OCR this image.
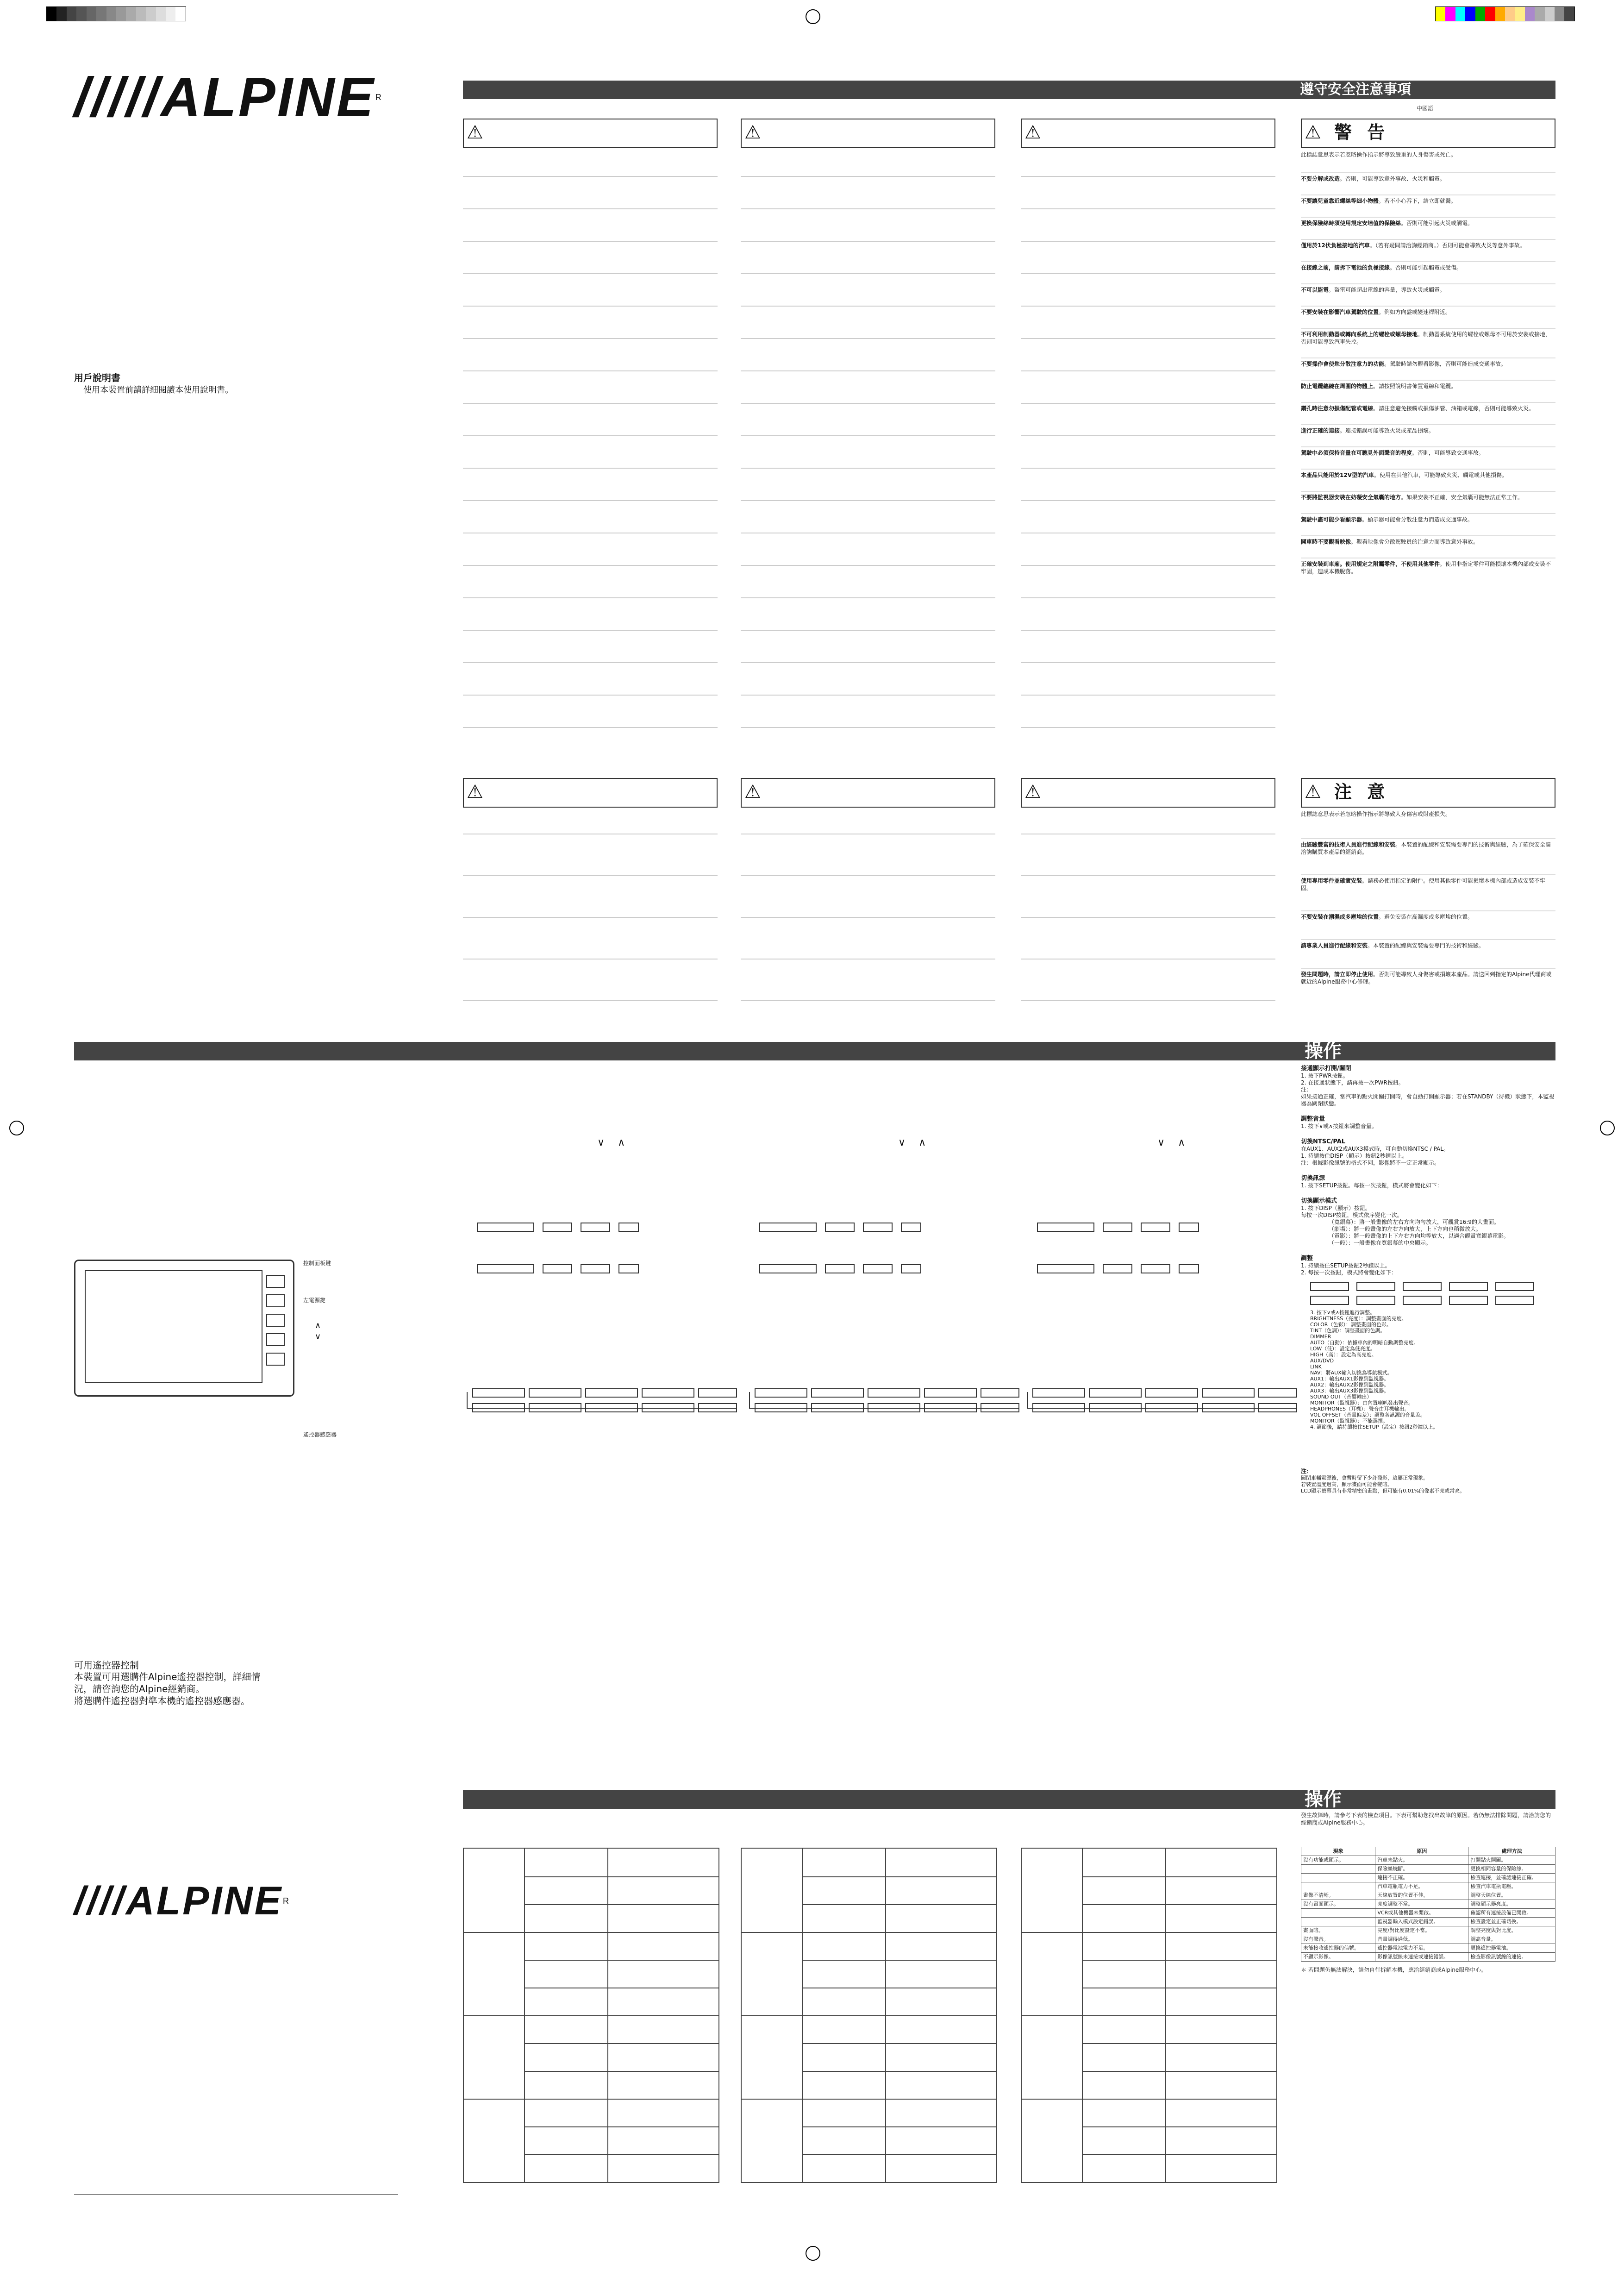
/////ALPINER
用戶說明書
使用本裝置前請詳細閱讀本使用說明書。
遵守安全注意事項
中國語
⚠
⚠
⚠
⚠
⚠
⚠
⚠ 警 告
此標誌意思表示若忽略操作指示將導致嚴重的人身傷害或死亡。
不要分解或改造。否則，可能導致意外事故、火災和觸電。
不要讓兒童靠近螺絲等細小物體。若不小心吞下，請立即就醫。
更換保險絲時須使用規定安培值的保險絲。否則可能引起火災或觸電。
僅用於12伏負極接地的汽車。（若有疑問請洽詢經銷商。）否則可能會導致火災等意外事故。
在接線之前，請拆下電池的負極接線。否則可能引起觸電或受傷。
不可以盜電。盜電可能超出電線的容量，導致火災或觸電。
不要安裝在影響汽車駕駛的位置。例如方向盤或變速桿附近。
不可利用制動器或轉向系統上的螺栓或螺母接地。制動器系統使用的螺栓或螺母不可用於安裝或接地，否則可能導致汽車失控。
不要操作會使您分散注意力的功能。駕駛時請勿觀看影像，否則可能造成交通事故。
防止電纜纏繞在周圍的物體上。請按照說明書佈置電線和電纜。
鑽孔時注意勿損傷配管或電線。請注意避免接觸或損傷油管、油箱或電線，否則可能導致火災。
進行正確的連接。連接錯誤可能導致火災或產品損壞。
駕駛中必須保持音量在可聽見外面聲音的程度。否則，可能導致交通事故。
本產品只能用於12V型的汽車。使用在其他汽車，可能導致火災、觸電或其他損傷。
不要將監視器安裝在妨礙安全氣囊的地方。如果安裝不正確，安全氣囊可能無法正常工作。
駕駛中盡可能少看顯示器。顯示器可能會分散注意力而造成交通事故。
開車時不要觀看映像。觀看映像會分散駕駛員的注意力而導致意外事故。
正確安裝到車廂。使用規定之附屬零件，不使用其他零件。使用非指定零件可能損壞本機內部或安裝不牢固，造成本機脫落。
⚠ 注 意
此標誌意思表示若忽略操作指示將導致人身傷害或財產損失。
由經驗豐富的技術人員進行配線和安裝。本裝置的配線和安裝需要專門的技術與經驗，為了確保安全請洽詢購買本產品的經銷商。
使用專用零件並確實安裝。請務必使用指定的附件。使用其他零件可能損壞本機內部或造成安裝不牢固。
不要安裝在潮濕或多塵埃的位置。避免安裝在高濕度或多塵埃的位置。
請專業人員進行配線和安裝。本裝置的配線與安裝需要專門的技術和經驗。
發生問題時，請立即停止使用。否則可能導致人身傷害或損壞本產品。請送回到指定的Alpine代理商或就近的Alpine服務中心修理。
操作
控制面板鍵
左電源鍵
∧
∨
遙控器感應器
∨    ∧	∨    ∧	∨    ∧
接通顯示打開/關閉
1. 按下PWR按鈕。
2. 在接通狀態下，請再按一次PWR按鈕。
注：
如果接通正確，當汽車的點火開關打開時，會自動打開顯示器；若在STANDBY（待機）狀態下，本監視器為關閉狀態。
調整音量
1. 按下∨或∧按鈕來調整音量。
切換NTSC/PAL
在AUX1、AUX2或AUX3模式時，可自動切換NTSC / PAL。
1. 持續按住DISP（顯示）按鈕2秒鐘以上。
注：根據影像訊號的格式不同，影像將不一定正常顯示。
切換訊源
1. 按下SETUP按鈕。每按一次按鈕，模式將會變化如下：
切換顯示模式
1. 按下DISP（顯示）按鈕。
每按一次DISP按鈕，模式依序變化一次。
（寬銀幕）：將一般畫像的左右方向均勻放大，可觀賞16:9的大畫面。
（劇場）：將一般畫像的左右方向放大，上下方向也稍微放大。
（電影）：將一般畫像的上下左右方向均等放大，以適合觀賞寬銀幕電影。
（一般）：一般畫像在寬銀幕的中央顯示。
調整
1. 持續按住SETUP按鈕2秒鐘以上。
2. 每按一次按鈕，模式將會變化如下：
3. 按下∨或∧按鈕進行調整。
BRIGHTNESS（亮度）：調整畫面的亮度。
COLOR（色彩）：調整畫面的色彩。
TINT（色調）：調整畫面的色調。
DIMMER
AUTO（自動）：依據車內的明暗自動調整亮度。
LOW（低）：設定為低亮度。
HIGH（高）：設定為高亮度。
AUX/DVD
LINK
NAV：將AUX輸入切換為導航模式。
AUX1：輸出AUX1影像到監視器。
AUX2：輸出AUX2影像到監視器。
AUX3：輸出AUX3影像到監視器。
SOUND OUT（音響輸出）
MONITOR（監視器）：由內置喇叭發出聲音。
HEADPHONES（耳機）：聲音由耳機輸出。
VOL OFFSET（音量偏差）：調整各訊源的音量差。
MONITOR（監視器）：不能選擇。
4. 調節後，請持續按住SETUP（設定）按鈕2秒鐘以上。
注：
關閉車輛電源後，會暫時留下少許殘影，這屬正常現象。
若裝置溫度過高，顯示畫面可能會變暗。
LCD顯示螢幕具有非常精密的畫點，但可能有0.01%的像素不亮或常亮。
可用遙控器控制
本裝置可用選購件Alpine遙控器控制，詳細情況，請咨詢您的Alpine經銷商。
將選購件遙控器對準本機的遙控器感應器。
操作
發生故障時，請參考下表的檢查項目。下表可幫助您找出故障的原因。若仍無法排除問題，請洽詢您的經銷商或Alpine服務中心。
現象	原因	處理方法
沒有功能或顯示。	汽車未點火。	打開點火開關。
	保險絲燒斷。	更換相同容量的保險絲。
	連接不正確。	檢查連接，並確認連接正確。
	汽車電瓶電力不足。	檢查汽車電瓶電壓。
畫像不清晰。	天線放置的位置不佳。	調整天線位置。
沒有畫面顯示。	亮度調整不當。	調整顯示器亮度。
	VCR或其他機器未開啟。	確認所有連接設備已開啟。
	監視器輸入模式設定錯誤。	檢查設定並正確切換。
畫面暗。	亮度/對比度設定不當。	調整亮度與對比度。
沒有聲音。	音量調得過低。	調高音量。
未能接收遙控器的信號。	遙控器電池電力不足。	更換遙控器電池。
不顯示影像。	影像訊號線未連接或連接錯誤。	檢查影像訊號線的連接。
＊ 若問題仍無法解決，請勿自行拆解本機，應洽經銷商或Alpine服務中心。
////ALPINER
